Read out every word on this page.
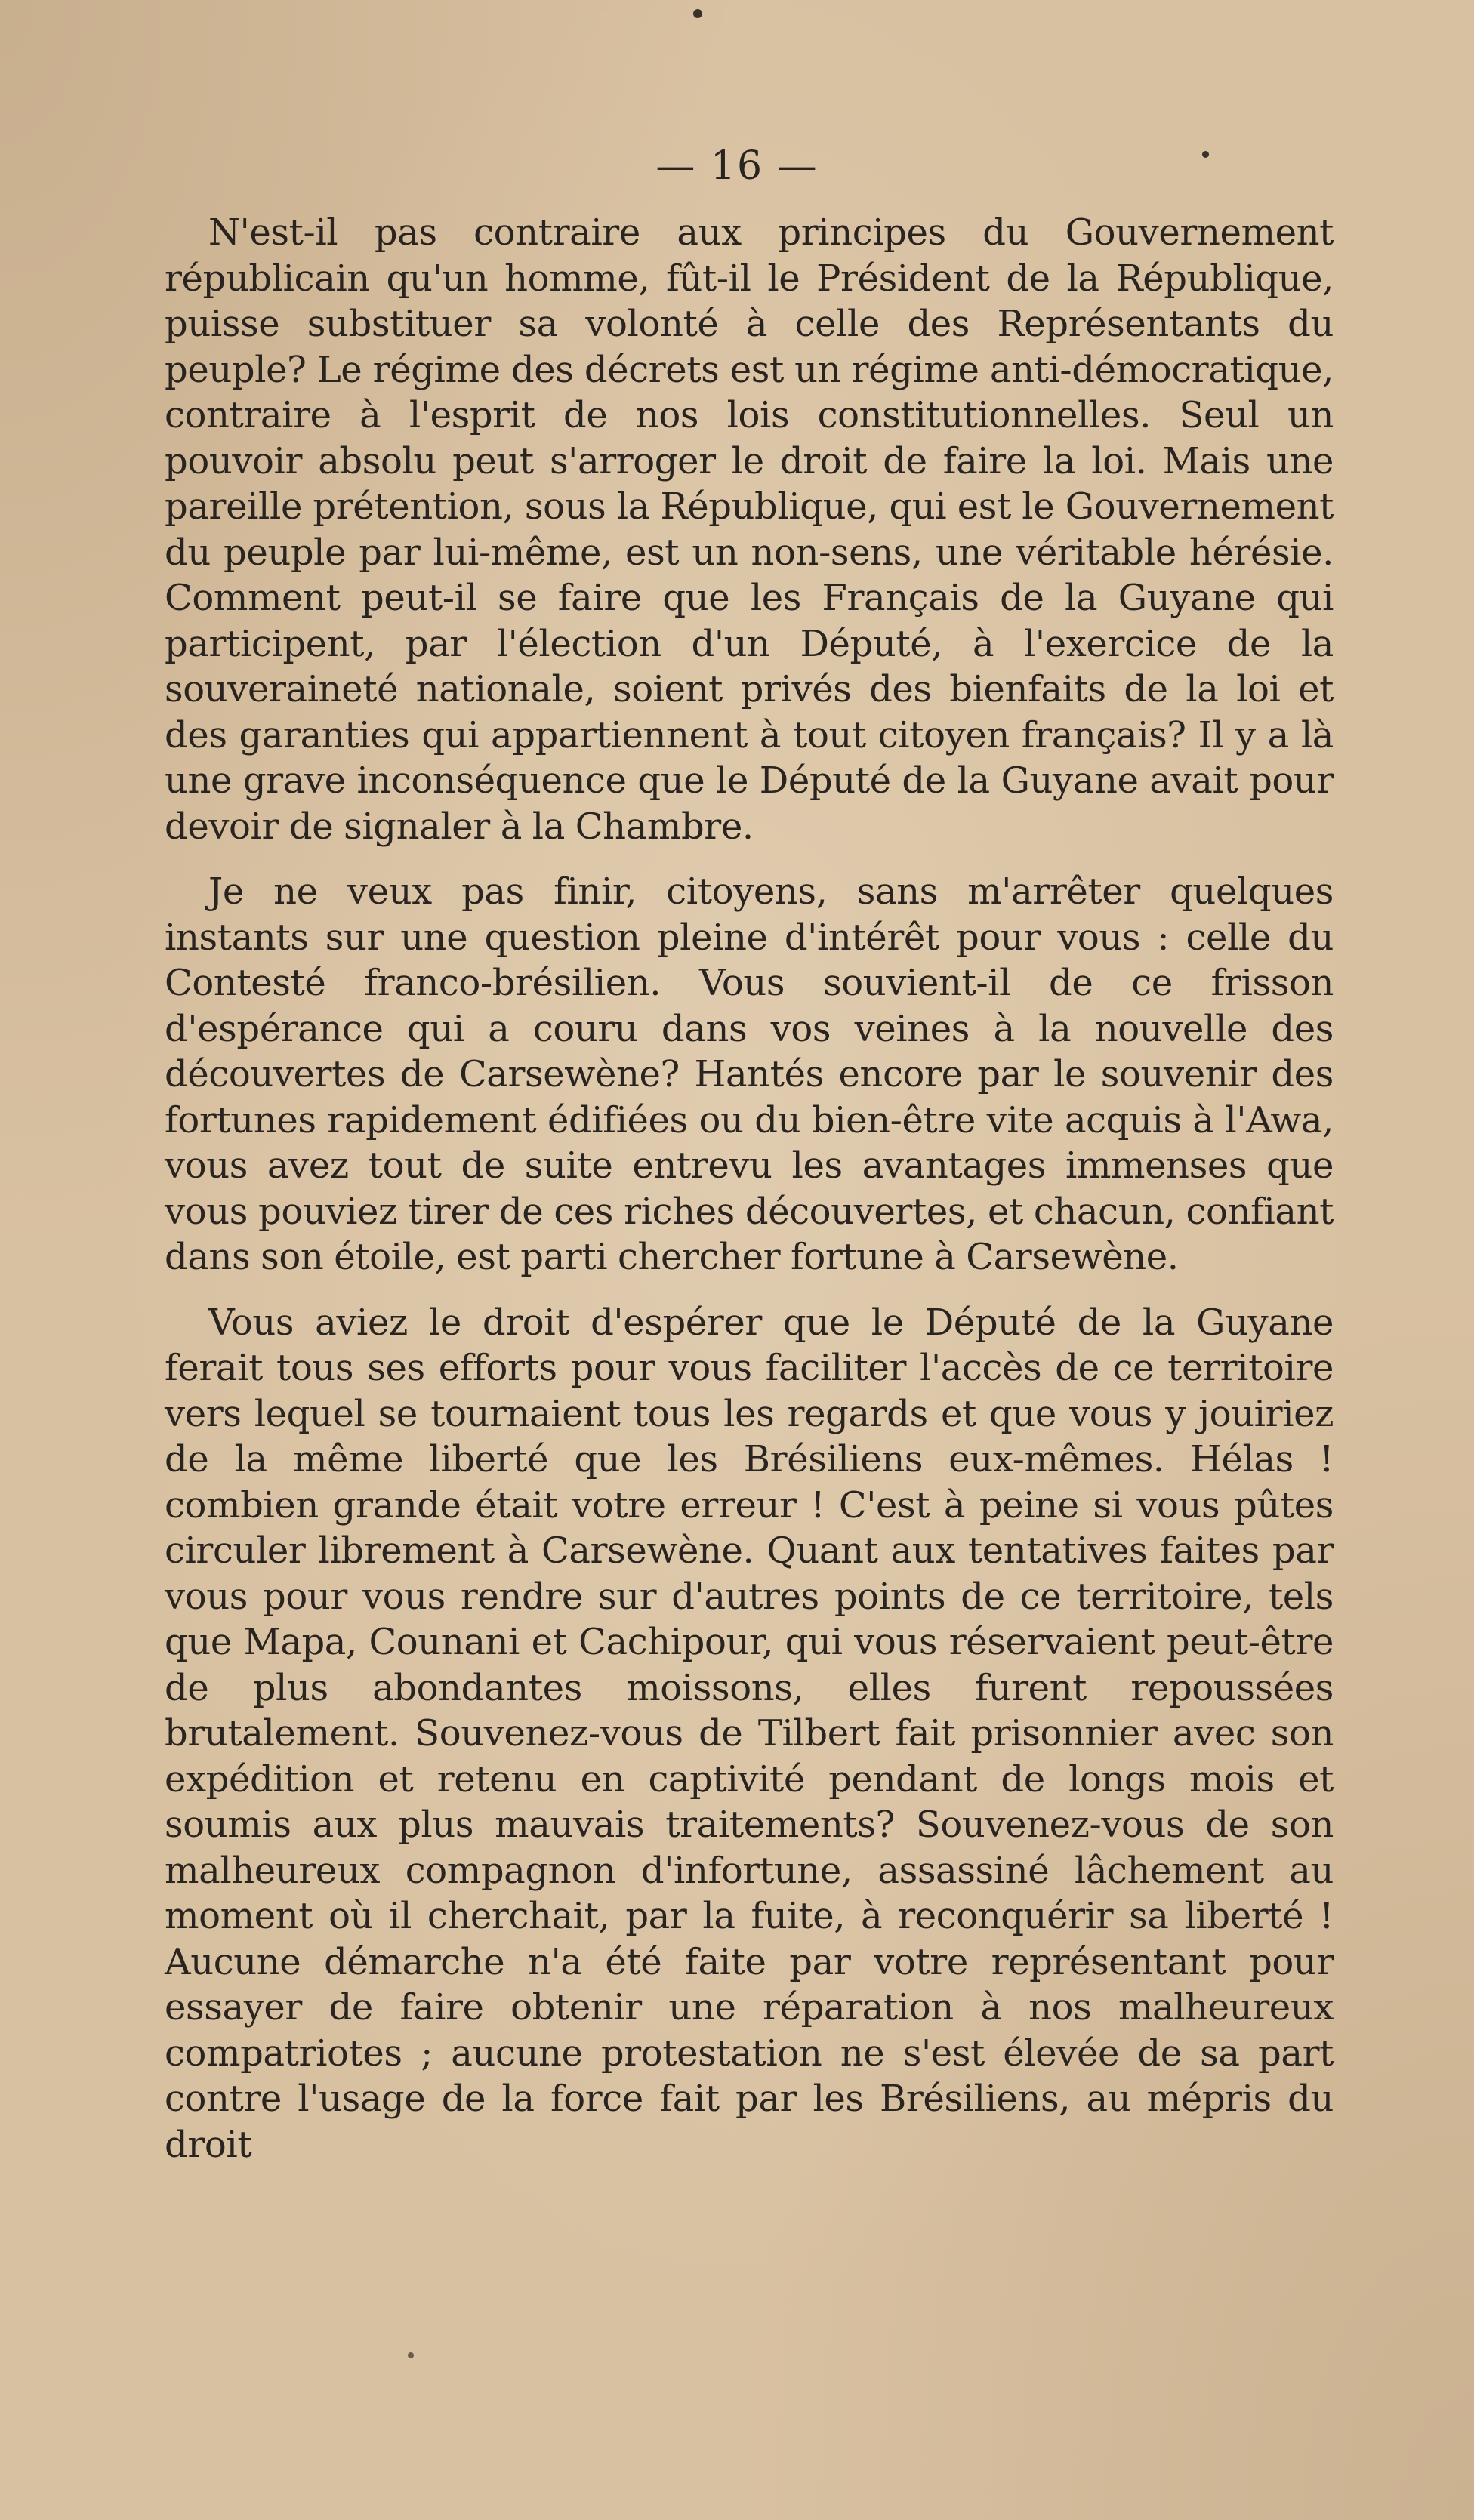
— 16 —

N'est-il pas contraire aux principes du Gouvernement républicain qu'un homme, fût-il le Président de la République, puisse substituer sa volonté à celle des Représentants du peuple? Le régime des décrets est un régime anti-démocratique, contraire à l'esprit de nos lois constitutionnelles. Seul un pouvoir absolu peut s'arroger le droit de faire la loi. Mais une pareille prétention, sous la République, qui est le Gouvernement du peuple par lui-même, est un non-sens, une véritable hérésie. Comment peut-il se faire que les Français de la Guyane qui participent, par l'élection d'un Député, à l'exercice de la souveraineté nationale, soient privés des bienfaits de la loi et des garanties qui appartiennent à tout citoyen français? Il y a là une grave inconséquence que le Député de la Guyane avait pour devoir de signaler à la Chambre.

Je ne veux pas finir, citoyens, sans m'arrêter quelques instants sur une question pleine d'intérêt pour vous : celle du Contesté franco-brésilien. Vous souvient-il de ce frisson d'espérance qui a couru dans vos veines à la nouvelle des découvertes de Carsewène? Hantés encore par le souvenir des fortunes rapidement édifiées ou du bien-être vite acquis à l'Awa, vous avez tout de suite entrevu les avantages immenses que vous pouviez tirer de ces riches découvertes, et chacun, confiant dans son étoile, est parti chercher fortune à Carsewène.

Vous aviez le droit d'espérer que le Député de la Guyane ferait tous ses efforts pour vous faciliter l'accès de ce territoire vers lequel se tournaient tous les regards et que vous y jouiriez de la même liberté que les Brésiliens eux-mêmes. Hélas ! combien grande était votre erreur ! C'est à peine si vous pûtes circuler librement à Carsewène. Quant aux tentatives faites par vous pour vous rendre sur d'autres points de ce territoire, tels que Mapa, Counani et Cachipour, qui vous réservaient peut-être de plus abondantes moissons, elles furent repoussées brutalement. Souvenez-vous de Tilbert fait prisonnier avec son expédition et retenu en captivité pendant de longs mois et soumis aux plus mauvais traitements? Souvenez-vous de son malheureux compagnon d'infortune, assassiné lâchement au moment où il cherchait, par la fuite, à reconquérir sa liberté ! Aucune démarche n'a été faite par votre représentant pour essayer de faire obtenir une réparation à nos malheureux compatriotes ; aucune protestation ne s'est élevée de sa part contre l'usage de la force fait par les Brésiliens, au mépris du droit
